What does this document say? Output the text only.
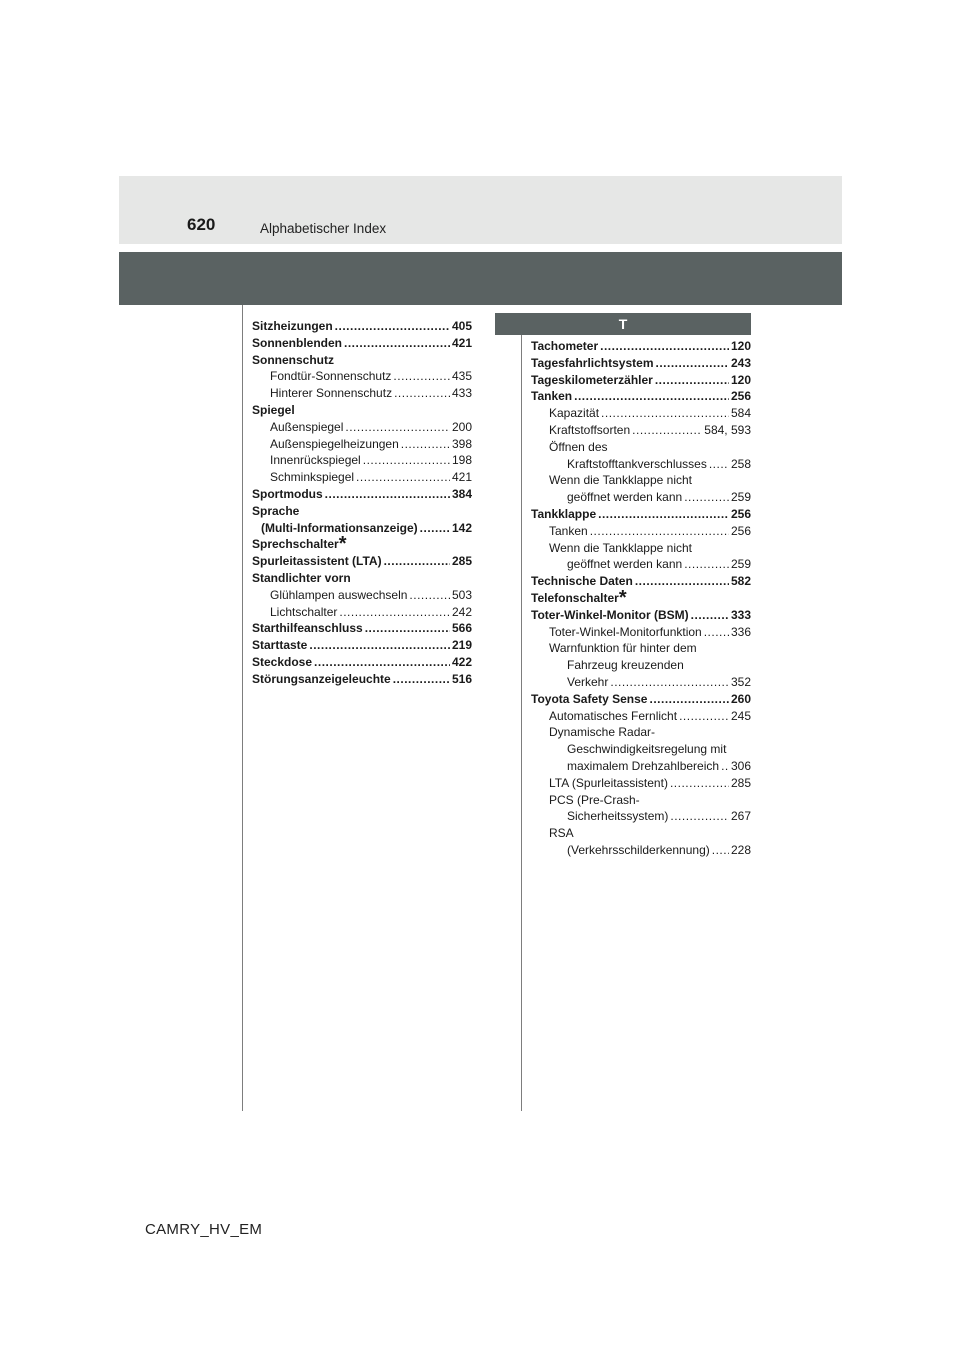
620	Alphabetischer Index
Sitzheizungen .....	405
Sonnenblenden .....	421
Sonnenschutz
Fondtür-Sonnenschutz .....	435
Hinterer Sonnenschutz .....	433
Spiegel
Außenspiegel .....	200
Außenspiegelheizungen .....	398
Innenrückspiegel .....	198
Schminkspiegel .....	421
Sportmodus .....	384
Sprache
(Multi-Informationsanzeige) .....	142
Sprechschalter*
Spurleitassistent (LTA) .....	285
Standlichter vorn
Glühlampen auswechseln .....	503
Lichtschalter .....	242
Starthilfeanschluss .....	566
Starttaste .....	219
Steckdose .....	422
Störungsanzeigeleuchte .....	516
T
Tachometer .....	120
Tagesfahrlichtsystem .....	243
Tageskilometerzähler .....	120
Tanken .....	256
Kapazität .....	584
Kraftstoffsorten .....	584, 593
Öffnen des
Kraftstofftankverschlusses ..... 258
Wenn die Tankklappe nicht
geöffnet werden kann .....	259
Tankklappe .....	256
Tanken .....	256
Wenn die Tankklappe nicht
geöffnet werden kann .....	259
Technische Daten .....	582
Telefonschalter*
Toter-Winkel-Monitor (BSM) .....	333
Toter-Winkel-Monitorfunktion ..... 336
Warnfunktion für hinter dem
Fahrzeug kreuzenden
Verkehr .....	352
Toyota Safety Sense .....	260
Automatisches Fernlicht .....	245
Dynamische Radar-
Geschwindigkeitsregelung mit
maximalem Drehzahlbereich ..... 306
LTA (Spurleitassistent) .....	285
PCS (Pre-Crash-
Sicherheitssystem) .....	267
RSA
(Verkehrsschilderkennung) ..... 228
CAMRY_HV_EM
